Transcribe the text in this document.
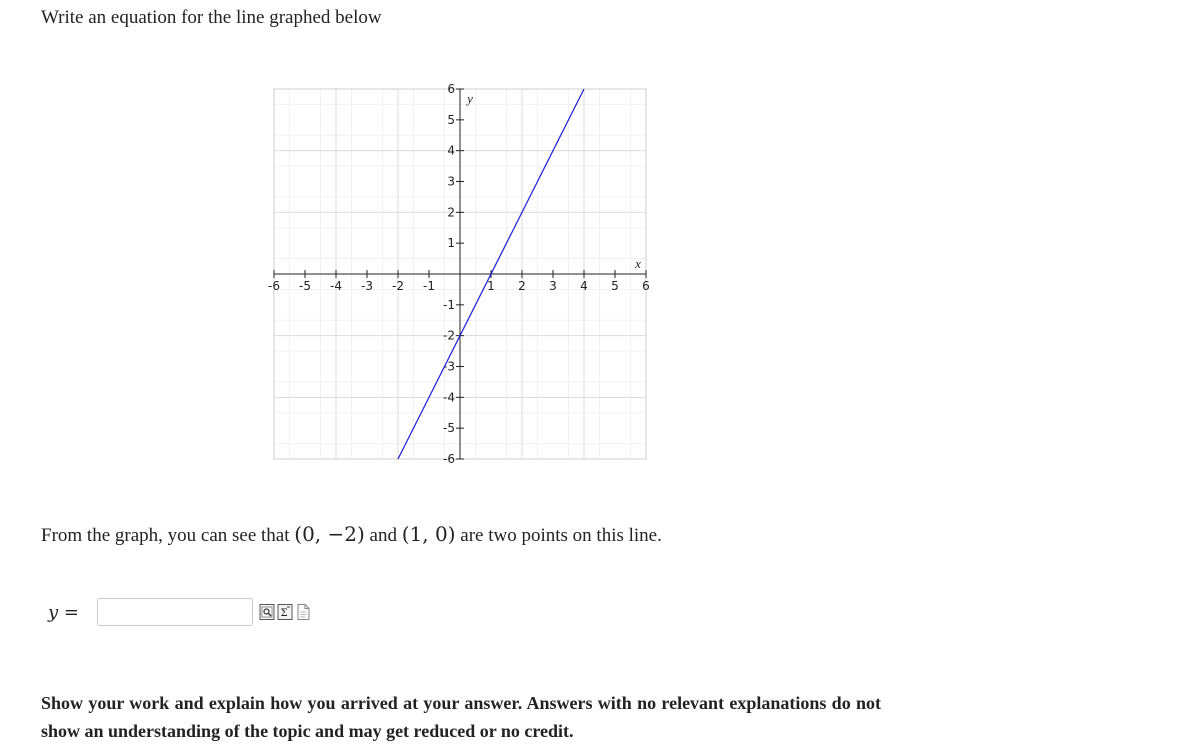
Write an equation for the line graphed below
-6 -5 -4 -3 -2 -1	1 2 3 4 5 6
6
5
4
3
2
1
-1
-2
-3
-4
-5
-6
x
y
From the graph, you can see that (0, −2) and (1, 0) are two points on this line.
y =	Σ
Show your work and explain how you arrived at your answer. Answers with no relevant explanations do not show an understanding of the topic and may get reduced or no credit.
